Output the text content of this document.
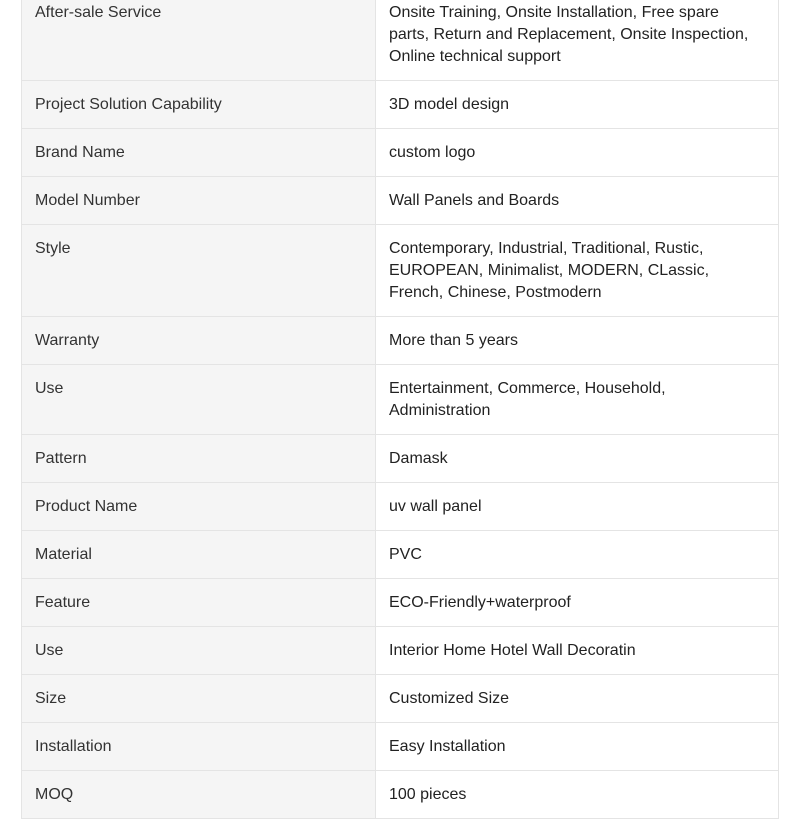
After-sale Service	Onsite Training, Onsite Installation, Free spare parts, Return and Replacement, Onsite Inspection, Online technical support
Project Solution Capability	3D model design
Brand Name	custom logo
Model Number	Wall Panels and Boards
Style	Contemporary, Industrial, Traditional, Rustic, EUROPEAN, Minimalist, MODERN, CLassic, French, Chinese, Postmodern
Warranty	More than 5 years
Use	Entertainment, Commerce, Household, Administration
Pattern	Damask
Product Name	uv wall panel
Material	PVC
Feature	ECO-Friendly+waterproof
Use	Interior Home Hotel Wall Decoratin
Size	Customized Size
Installation	Easy Installation
MOQ	100 pieces
